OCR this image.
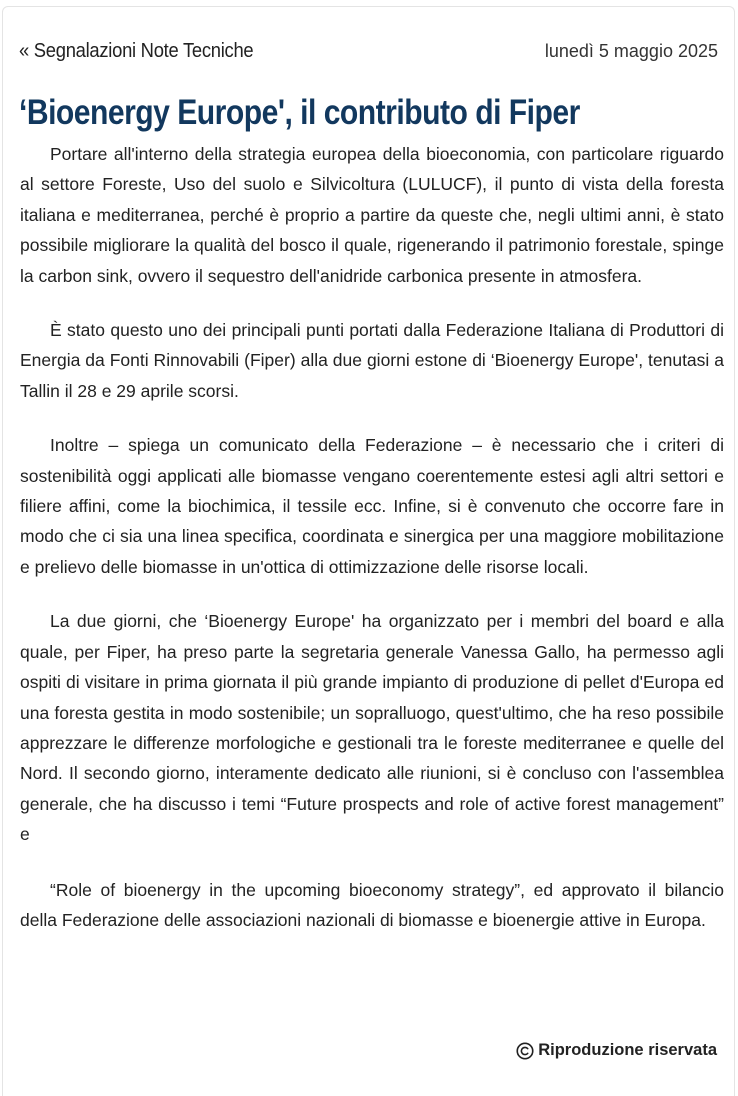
« Segnalazioni Note Tecniche	lunedì 5 maggio 2025
‘Bioenergy Europe', il contributo di Fiper

Portare all'interno della strategia europea della bioeconomia, con particolare riguardo al settore Foreste, Uso del suolo e Silvicoltura (LULUCF), il punto di vista della foresta italiana e mediterranea, perché è proprio a partire da queste che, negli ultimi anni, è stato possibile migliorare la qualità del bosco il quale, rigenerando il patrimonio forestale, spinge la carbon sink, ovvero il sequestro dell'anidride carbonica presente in atmosfera.

È stato questo uno dei principali punti portati dalla Federazione Italiana di Produttori di Energia da Fonti Rinnovabili (Fiper) alla due giorni estone di ‘Bioenergy Europe', tenutasi a Tallin il 28 e 29 aprile scorsi.

Inoltre – spiega un comunicato della Federazione – è necessario che i criteri di sostenibilità oggi applicati alle biomasse vengano coerentemente estesi agli altri settori e filiere affini, come la biochimica, il tessile ecc. Infine, si è convenuto che occorre fare in modo che ci sia una linea specifica, coordinata e sinergica per una maggiore mobilitazione e prelievo delle biomasse in un'ottica di ottimizzazione delle risorse locali.

La due giorni, che ‘Bioenergy Europe' ha organizzato per i membri del board e alla quale, per Fiper, ha preso parte la segretaria generale Vanessa Gallo, ha permesso agli ospiti di visitare in prima giornata il più grande impianto di produzione di pellet d'Europa ed una foresta gestita in modo sostenibile; un sopralluogo, quest'ultimo, che ha reso possibile apprezzare le differenze morfologiche e gestionali tra le foreste mediterranee e quelle del Nord. Il secondo giorno, interamente dedicato alle riunioni, si è concluso con l'assemblea generale, che ha discusso i temi “Future prospects and role of active forest management” e

“Role of bioenergy in the upcoming bioeconomy strategy”, ed approvato il bilancio della Federazione delle associazioni nazionali di biomasse e bioenergie attive in Europa.

Riproduzione riservata
